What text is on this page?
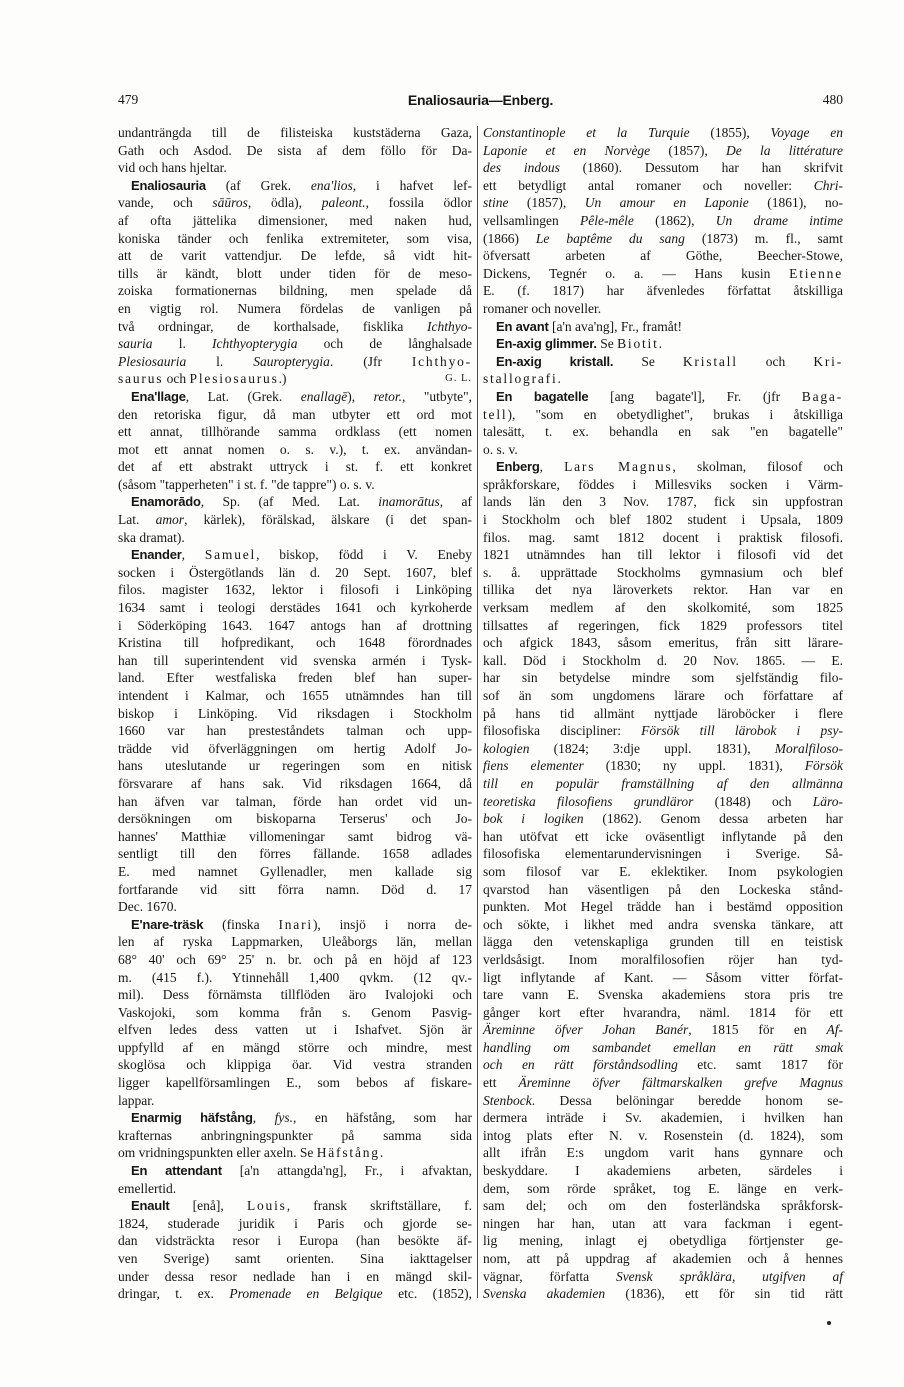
479	Enaliosauria—Enberg.	480
undanträngda till de filisteiska kuststäderna Gaza,
Gath och Asdod. De sista af dem föllo för Da-
vid och hans hjeltar.
Enaliosauria (af Grek. ena'lios, i hafvet lef-
vande, och sāūros, ödla), paleont., fossila ödlor
af ofta jättelika dimensioner, med naken hud,
koniska tänder och fenlika extremiteter, som visa,
att de varit vattendjur. De lefde, så vidt hit-
tills är kändt, blott under tiden för de meso-
zoiska formationernas bildning, men spelade då
en vigtig rol. Numera fördelas de vanligen på
två ordningar, de korthalsade, fisklika Ichthyo-
sauria l. Ichthyopterygia och de långhalsade
Plesiosauria l. Sauropterygia. (Jfr Ichthyo-
saurus och Plesiosaurus.)	G. L.
Ena'llage, Lat. (Grek. enallagē), retor., "utbyte",
den retoriska figur, då man utbyter ett ord mot
ett annat, tillhörande samma ordklass (ett nomen
mot ett annat nomen o. s. v.), t. ex. användan-
det af ett abstrakt uttryck i st. f. ett konkret
(såsom "tapperheten" i st. f. "de tappre") o. s. v.
Enamorādo, Sp. (af Med. Lat. inamorātus, af
Lat. amor, kärlek), förälskad, älskare (i det span-
ska dramat).
Enander, Samuel, biskop, född i V. Eneby
socken i Östergötlands län d. 20 Sept. 1607, blef
filos. magister 1632, lektor i filosofi i Linköping
1634 samt i teologi derstädes 1641 och kyrkoherde
i Söderköping 1643. 1647 antogs han af drottning
Kristina till hofpredikant, och 1648 förordnades
han till superintendent vid svenska armén i Tysk-
land. Efter westfaliska freden blef han super-
intendent i Kalmar, och 1655 utnämndes han till
biskop i Linköping. Vid riksdagen i Stockholm
1660 var han presteståndets talman och upp-
trädde vid öfverläggningen om hertig Adolf Jo-
hans uteslutande ur regeringen som en nitisk
försvarare af hans sak. Vid riksdagen 1664, då
han äfven var talman, förde han ordet vid un-
dersökningen om biskoparna Terserus' och Jo-
hannes' Matthiæ villomeningar samt bidrog vä-
sentligt till den förres fällande. 1658 adlades
E. med namnet Gyllenadler, men kallade sig
fortfarande vid sitt förra namn. Död d. 17
Dec. 1670.
E'nare-träsk (finska Inari), insjö i norra de-
len af ryska Lappmarken, Uleåborgs län, mellan
68° 40' och 69° 25' n. br. och på en höjd af 123
m. (415 f.). Ytinnehåll 1,400 qvkm. (12 qv.-
mil). Dess förnämsta tillflöden äro Ivalojoki och
Vaskojoki, som komma från s. Genom Pasvig-
elfven ledes dess vatten ut i Ishafvet. Sjön är
uppfylld af en mängd större och mindre, mest
skoglösa och klippiga öar. Vid vestra stranden
ligger kapellförsamlingen E., som bebos af fiskare-
lappar.
Enarmig häfstång, fys., en häfstång, som har
krafternas anbringningspunkter på samma sida
om vridningspunkten eller axeln. Se Häfstång.
En attendant [a'n attangda'ng], Fr., i afvaktan,
emellertid.
Enault [enå], Louis, fransk skriftställare, f.
1824, studerade juridik i Paris och gjorde se-
dan vidsträckta resor i Europa (han besökte äf-
ven Sverige) samt orienten. Sina iakttagelser
under dessa resor nedlade han i en mängd skil-
dringar, t. ex. Promenade en Belgique etc. (1852),
Constantinople et la Turquie (1855), Voyage en
Laponie et en Norvège (1857), De la littérature
des indous (1860). Dessutom har han skrifvit
ett betydligt antal romaner och noveller: Chri-
stine (1857), Un amour en Laponie (1861), no-
vellsamlingen Pêle-mêle (1862), Un drame intime
(1866) Le baptême du sang (1873) m. fl., samt
öfversatt arbeten af Göthe, Beecher-Stowe,
Dickens, Tegnér o. a. — Hans kusin Etienne
E. (f. 1817) har äfvenledes författat åtskilliga
romaner och noveller.
En avant [a'n ava'ng], Fr., framåt!
En-axig glimmer. Se Biotit.
En-axig kristall. Se Kristall och Kri-
stallografi.
En bagatelle [ang bagate'l], Fr. (jfr Baga-
tell), "som en obetydlighet", brukas i åtskilliga
talesätt, t. ex. behandla en sak "en bagatelle"
o. s. v.
Enberg, Lars Magnus, skolman, filosof och
språkforskare, föddes i Millesviks socken i Värm-
lands län den 3 Nov. 1787, fick sin uppfostran
i Stockholm och blef 1802 student i Upsala, 1809
filos. mag. samt 1812 docent i praktisk filosofi.
1821 utnämndes han till lektor i filosofi vid det
s. å. upprättade Stockholms gymnasium och blef
tillika det nya läroverkets rektor. Han var en
verksam medlem af den skolkomité, som 1825
tillsattes af regeringen, fick 1829 professors titel
och afgick 1843, såsom emeritus, från sitt lärare-
kall. Död i Stockholm d. 20 Nov. 1865. — E.
har sin betydelse mindre som sjelfständig filo-
sof än som ungdomens lärare och författare af
på hans tid allmänt nyttjade läroböcker i flere
filosofiska discipliner: Försök till lärobok i psy-
kologien (1824; 3:dje uppl. 1831), Moralfiloso-
fiens elementer (1830; ny uppl. 1831), Försök
till en populär framställning af den allmänna
teoretiska filosofiens grundläror (1848) och Läro-
bok i logiken (1862). Genom dessa arbeten har
han utöfvat ett icke oväsentligt inflytande på den
filosofiska elementarundervisningen i Sverige. Så-
som filosof var E. eklektiker. Inom psykologien
qvarstod han väsentligen på den Lockeska stånd-
punkten. Mot Hegel trädde han i bestämd opposition
och sökte, i likhet med andra svenska tänkare, att
lägga den vetenskapliga grunden till en teistisk
verldsåsigt. Inom moralfilosofien röjer han tyd-
ligt inflytande af Kant. — Såsom vitter förfat-
tare vann E. Svenska akademiens stora pris tre
gånger kort efter hvarandra, näml. 1814 för ett
Äreminne öfver Johan Banér, 1815 för en Af-
handling om sambandet emellan en rätt smak
och en rätt förståndsodling etc. samt 1817 för
ett Äreminne öfver fältmarskalken grefve Magnus
Stenbock. Dessa belöningar beredde honom se-
dermera inträde i Sv. akademien, i hvilken han
intog plats efter N. v. Rosenstein (d. 1824), som
allt ifrån E:s ungdom varit hans gynnare och
beskyddare. I akademiens arbeten, särdeles i
dem, som rörde språket, tog E. länge en verk-
sam del; och om den fosterländska språkforsk-
ningen har han, utan att vara fackman i egent-
lig mening, inlagt ej obetydliga förtjenster ge-
nom, att på uppdrag af akademien och å hennes
vägnar, författa Svensk språklära, utgifven af
Svenska akademien (1836), ett för sin tid rätt
